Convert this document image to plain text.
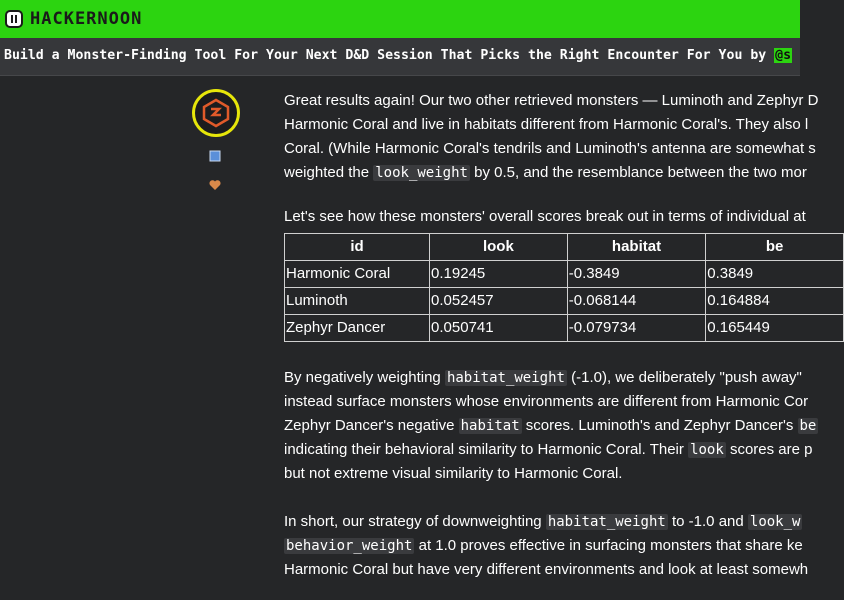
HACKERNOON
Build a Monster-Finding Tool For Your Next D&D Session That Picks the Right Encounter For You by @s
Great results again! Our two other retrieved monsters — Luminoth and Zephyr D
Harmonic Coral and live in habitats different from Harmonic Coral's. They also l
Coral. (While Harmonic Coral's tendrils and Luminoth's antenna are somewhat s
weighted the look_weight by 0.5, and the resemblance between the two mor
Let's see how these monsters' overall scores break out in terms of individual at
id	look	habitat	be
Harmonic Coral	0.19245	-0.3849	0.3849
Luminoth	0.052457	-0.068144	0.164884
Zephyr Dancer	0.050741	-0.079734	0.165449
By negatively weighting habitat_weight (-1.0), we deliberately "push away"
instead surface monsters whose environments are different from Harmonic Cor
Zephyr Dancer's negative habitat scores. Luminoth's and Zephyr Dancer's be
indicating their behavioral similarity to Harmonic Coral. Their look scores are p
but not extreme visual similarity to Harmonic Coral.
In short, our strategy of downweighting habitat_weight to -1.0 and look_w
behavior_weight at 1.0 proves effective in surfacing monsters that share ke
Harmonic Coral but have very different environments and look at least somewh
